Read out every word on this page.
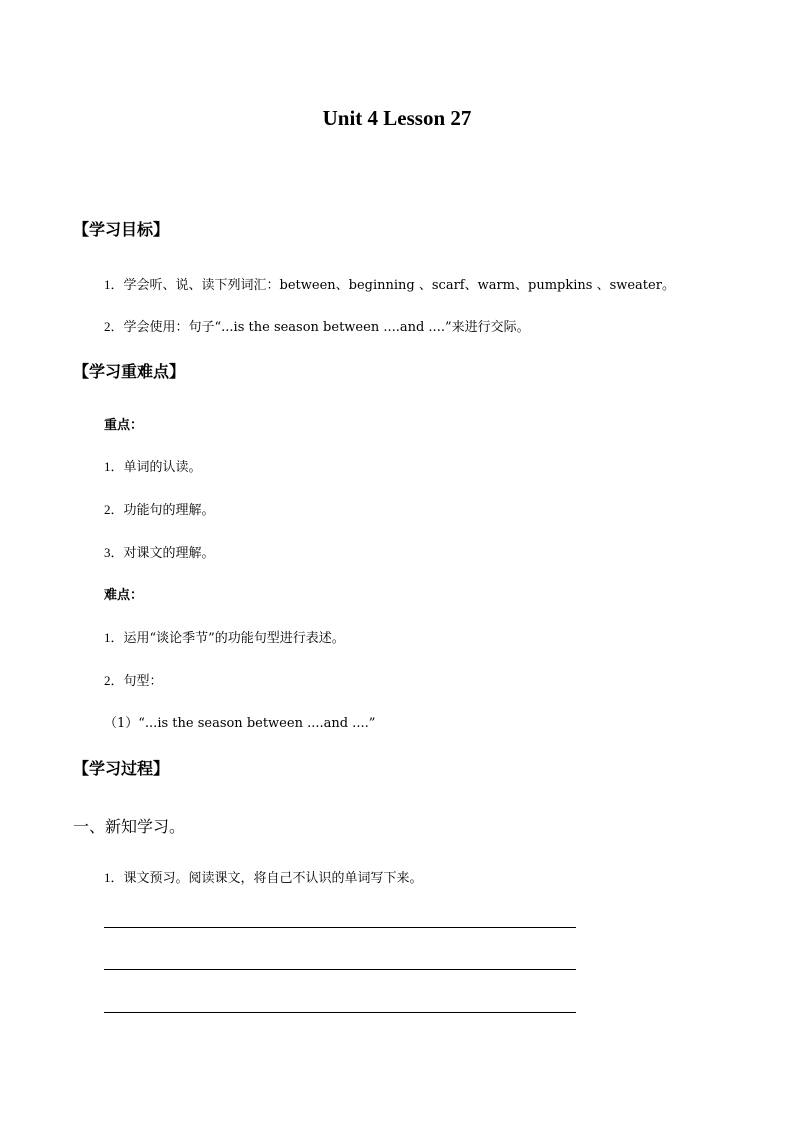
Unit 4 Lesson 27
【学习目标】
1．学会听、说、读下列词汇：between、beginning 、scarf、warm、pumpkins 、sweater。
2．学会使用：句子“...is the season between ....and ....”来进行交际。
【学习重难点】
重点：
1．单词的认读。
2．功能句的理解。
3．对课文的理解。
难点：
1．运用“谈论季节”的功能句型进行表述。
2．句型：
（1）“...is the season between ....and ....”
【学习过程】
一、新知学习。
1．课文预习。阅读课文，将自己不认识的单词写下来。
